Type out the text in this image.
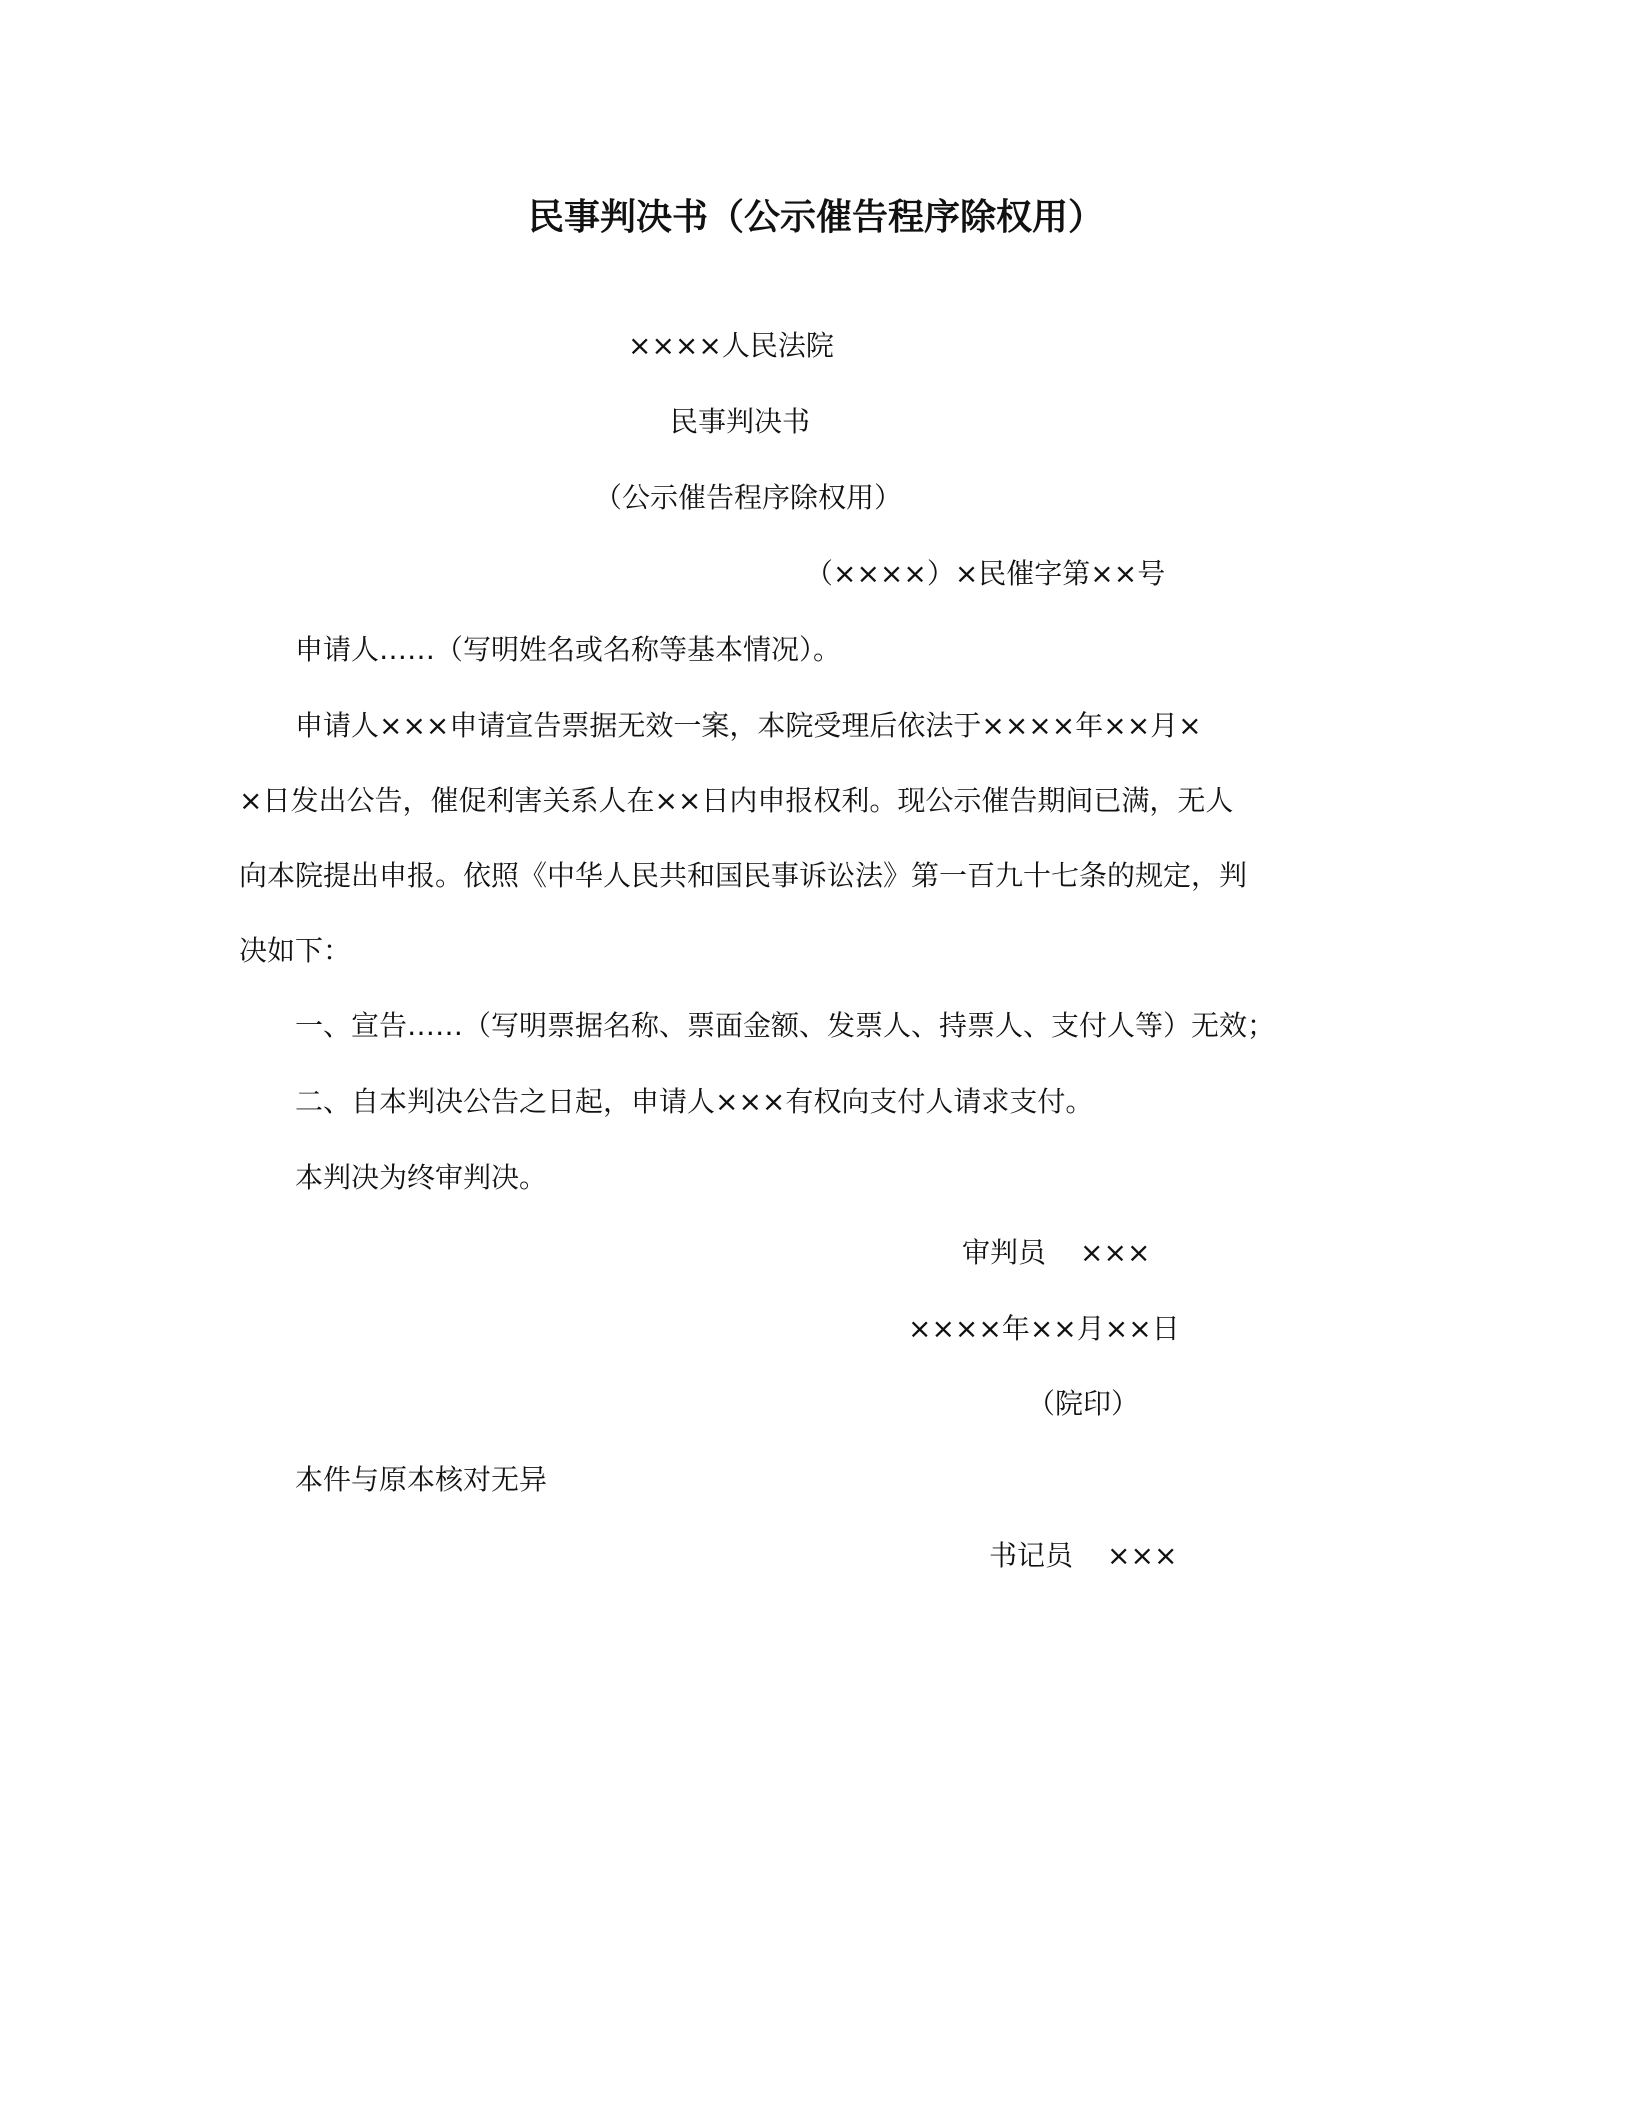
民事判决书（公示催告程序除权用）
××××人民法院
民事判决书
（公示催告程序除权用）
（××××）×民催字第××号
申请人……（写明姓名或名称等基本情况）。
申请人×××申请宣告票据无效一案，本院受理后依法于××××年××月×
×日发出公告，催促利害关系人在××日内申报权利。现公示催告期间已满，无人
向本院提出申报。依照《中华人民共和国民事诉讼法》第一百九十七条的规定，判
决如下：
一、宣告……（写明票据名称、票面金额、发票人、持票人、支付人等）无效；
二、自本判决公告之日起，申请人×××有权向支付人请求支付。
本判决为终审判决。
审判员 ×××
××××年××月××日
（院印）
本件与原本核对无异
书记员 ×××
